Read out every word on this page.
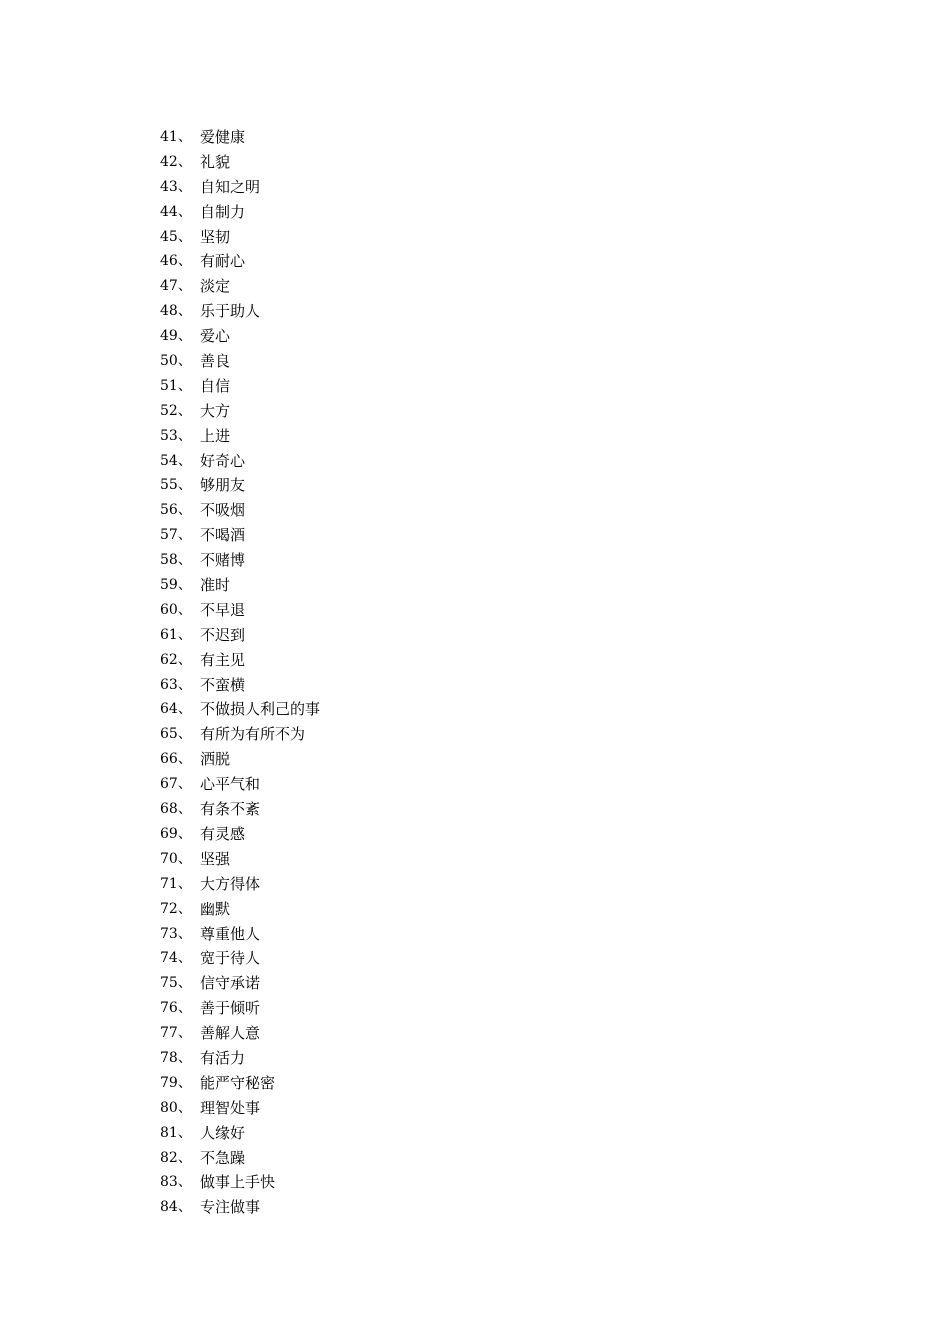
41、 爱健康
42、 礼貌
43、 自知之明
44、 自制力
45、 坚韧
46、 有耐心
47、 淡定
48、 乐于助人
49、 爱心
50、 善良
51、 自信
52、 大方
53、 上进
54、 好奇心
55、 够朋友
56、 不吸烟
57、 不喝酒
58、 不赌博
59、 准时
60、 不早退
61、 不迟到
62、 有主见
63、 不蛮横
64、 不做损人利己的事
65、 有所为有所不为
66、 洒脱
67、 心平气和
68、 有条不紊
69、 有灵感
70、 坚强
71、 大方得体
72、 幽默
73、 尊重他人
74、 宽于待人
75、 信守承诺
76、 善于倾听
77、 善解人意
78、 有活力
79、 能严守秘密
80、 理智处事
81、 人缘好
82、 不急躁
83、 做事上手快
84、 专注做事
